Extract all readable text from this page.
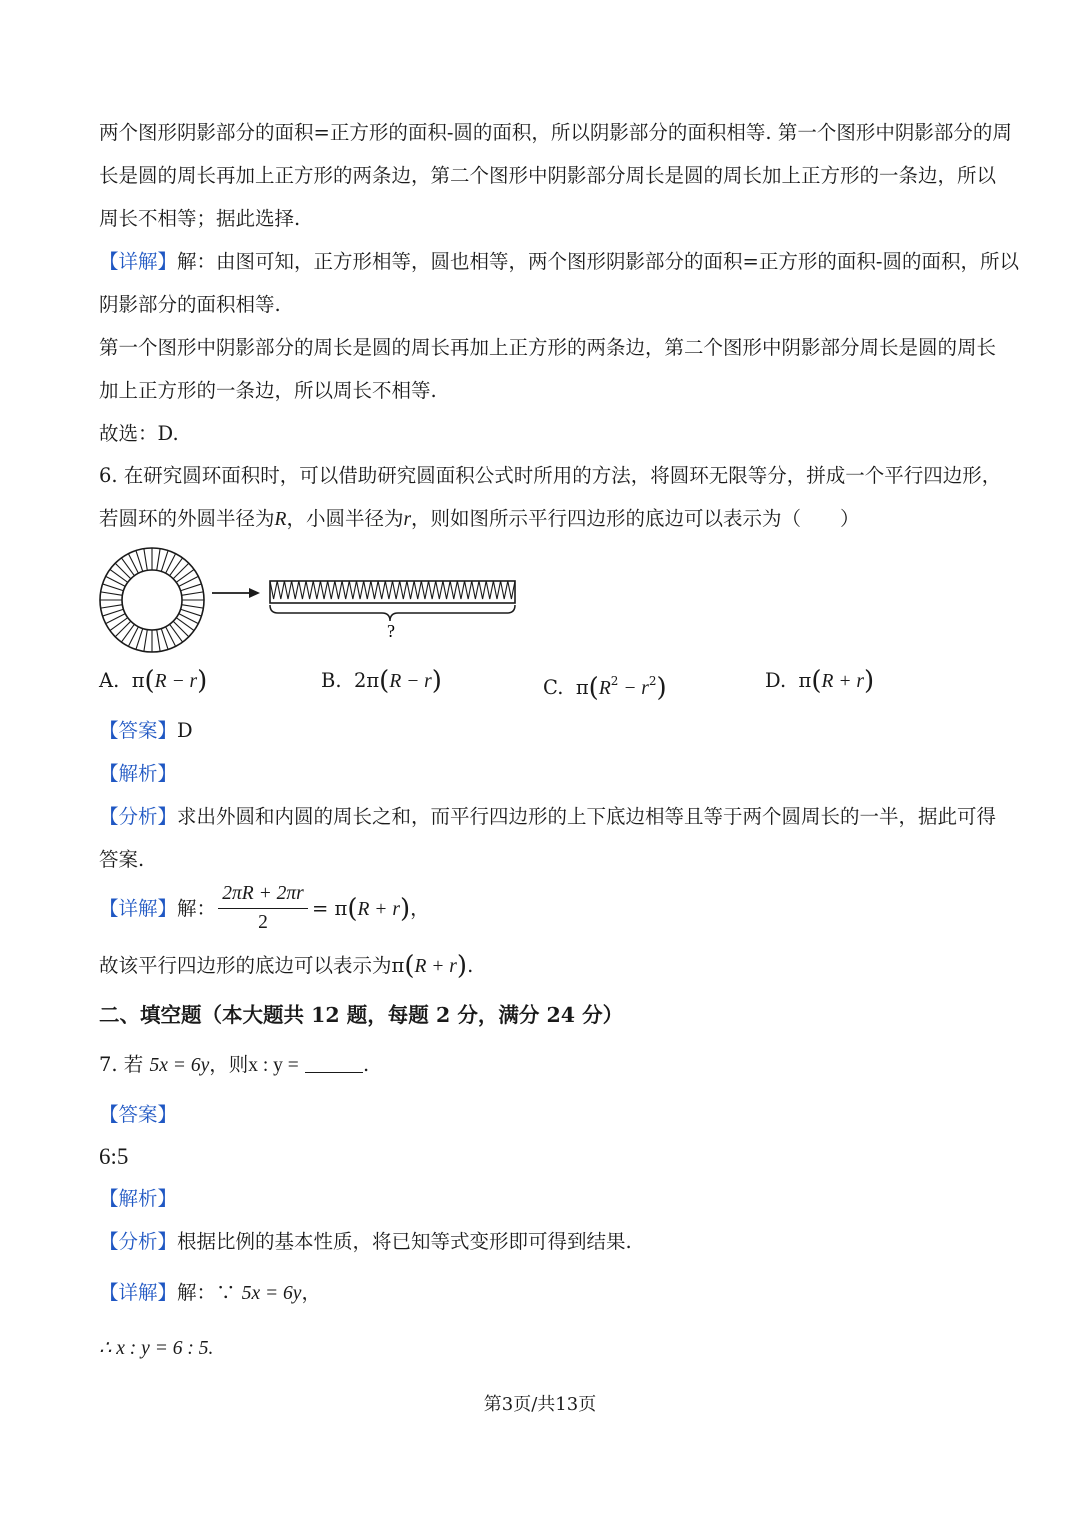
两个图形阴影部分的面积=正方形的面积-圆的面积，所以阴影部分的面积相等. 第一个图形中阴影部分的周
长是圆的周长再加上正方形的两条边，第二个图形中阴影部分周长是圆的周长加上正方形的一条边，所以
周长不相等；据此选择.
【详解】解：由图可知，正方形相等，圆也相等，两个图形阴影部分的面积=正方形的面积-圆的面积，所以
阴影部分的面积相等.
第一个图形中阴影部分的周长是圆的周长再加上正方形的两条边，第二个图形中阴影部分周长是圆的周长
加上正方形的一条边，所以周长不相等.
故选：D.
6. 在研究圆环面积时，可以借助研究圆面积公式时所用的方法，将圆环无限等分，拼成一个平行四边形，
若圆环的外圆半径为R，小圆半径为r，则如图所示平行四边形的底边可以表示为（　　）
?
A. π(R − r)	B. 2π(R − r)	C. $\pi(R^2 - r^2)$	D. π(R + r)
【答案】D
【解析】
【分析】求出外圆和内圆的周长之和，而平行四边形的上下底边相等且等于两个圆周长的一半，据此可得
答案.
【详解】解：
2πR + 2πr
2
= π(R + r)，
故该平行四边形的底边可以表示为π(R + r).
二、填空题（本大题共 12 题，每题 2 分，满分 24 分）
7. 若 5x = 6y，则x : y =	.
【答案】
6:5
【解析】
【分析】根据比例的基本性质，将已知等式变形即可得到结果.
【详解】解：∵ 5x = 6y，
∴ x : y = 6 : 5.
第3页/共13页
